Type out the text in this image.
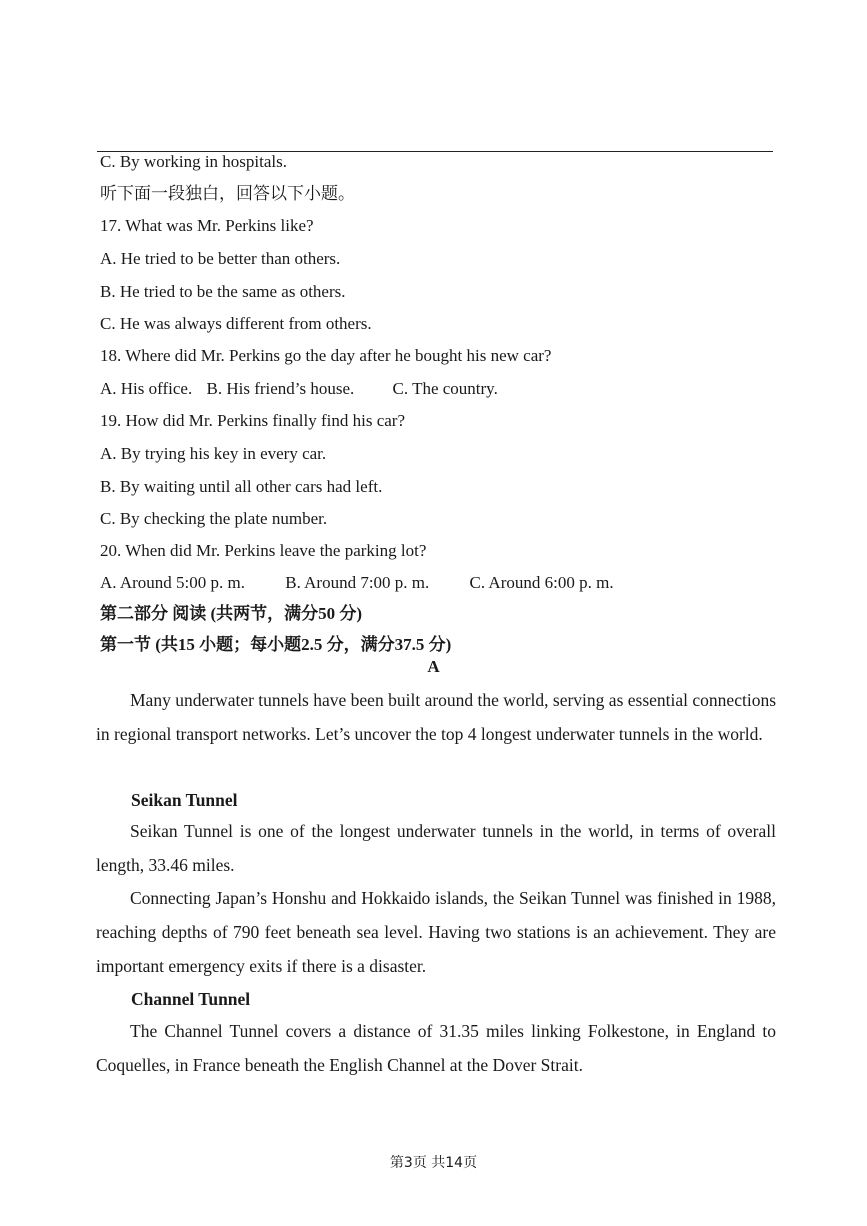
C. By working in hospitals.
听下面一段独白，回答以下小题。
17. What was Mr. Perkins like?
A. He tried to be better than others.
B. He tried to be the same as others.
C. He was always different from others.
18. Where did Mr. Perkins go the day after he bought his new car?
A. His office. B. His friend’s house. C. The country.
19. How did Mr. Perkins finally find his car?
A. By trying his key in every car.
B. By waiting until all other cars had left.
C. By checking the plate number.
20. When did Mr. Perkins leave the parking lot?
A. Around 5:00 p. m. B. Around 7:00 p. m. C. Around 6:00 p. m.
第二部分 阅读 (共两节，满分50 分)
第一节 (共15 小题；每小题2.5 分，满分37.5 分)
A

Many underwater tunnels have been built around the world, serving as essential connections in regional transport networks. Let’s uncover the top 4 longest underwater tunnels in the world.

Seikan Tunnel

Seikan Tunnel is one of the longest underwater tunnels in the world, in terms of overall length, 33.46 miles.

Connecting Japan’s Honshu and Hokkaido islands, the Seikan Tunnel was finished in 1988, reaching depths of 790 feet beneath sea level. Having two stations is an achievement. They are important emergency exits if there is a disaster.

Channel Tunnel

The Channel Tunnel covers a distance of 31.35 miles linking Folkestone, in England to Coquelles, in France beneath the English Channel at the Dover Strait.

第3页 共14页
